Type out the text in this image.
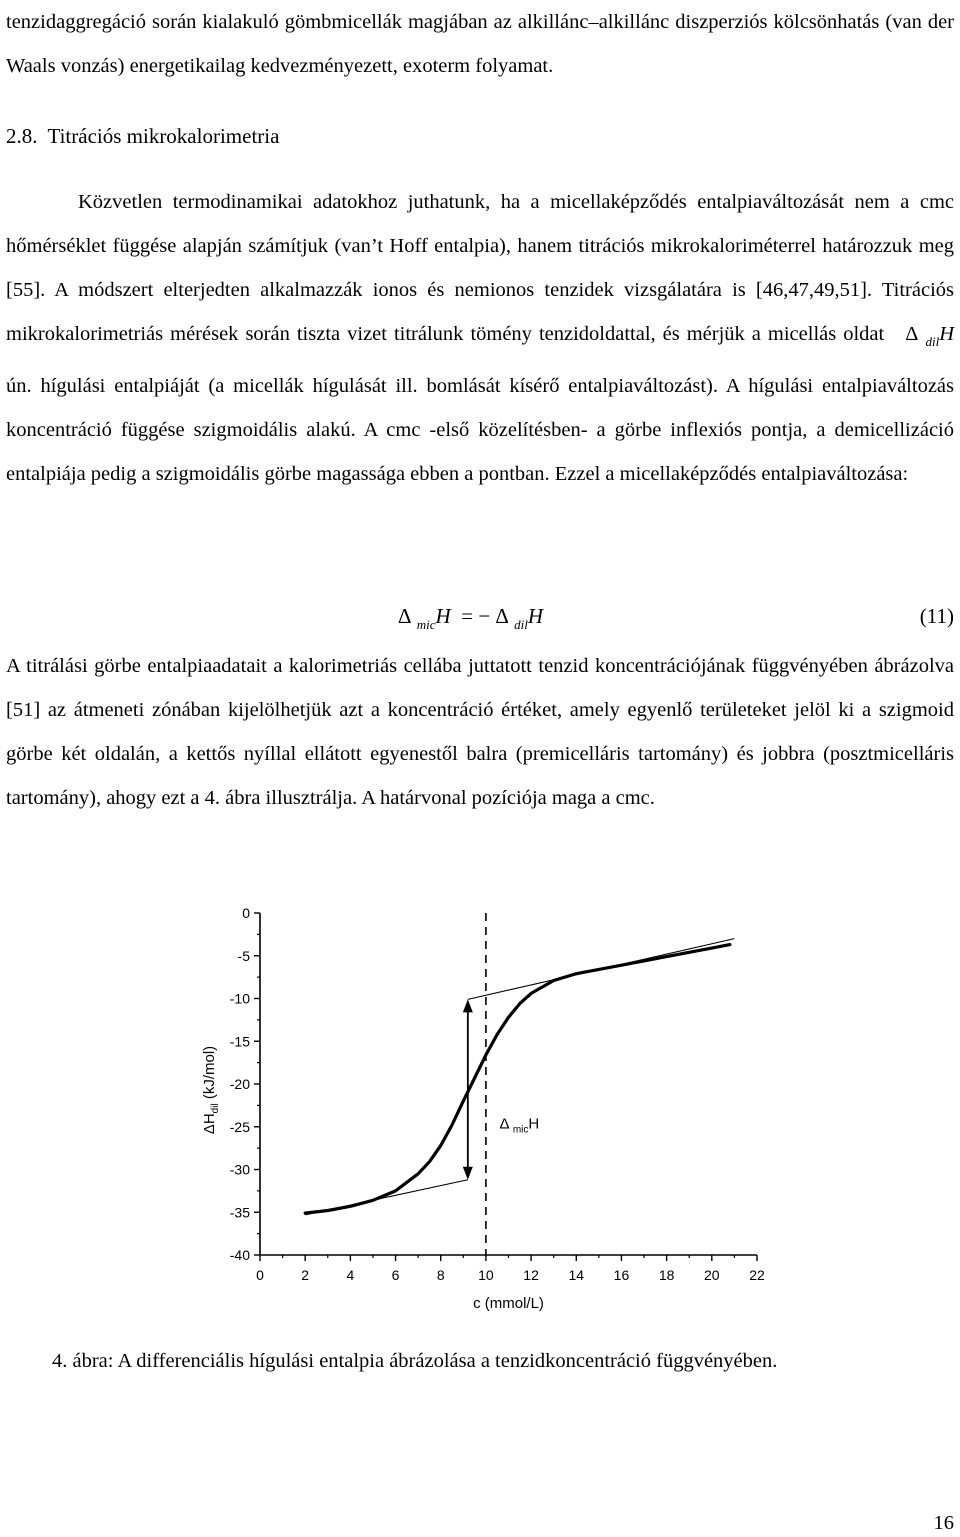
tenzidaggregáció során kialakuló gömbmicellák magjában az alkillánc–alkillánc diszperziós kölcsönhatás (van der Waals vonzás) energetikailag kedvezményezett, exoterm folyamat.

2.8. Titrációs mikrokalorimetria

Közvetlen termodinamikai adatokhoz juthatunk, ha a micellaképződés entalpiaváltozását nem a cmc hőmérséklet függése alapján számítjuk (van’t Hoff entalpia), hanem titrációs mikrokaloriméterrel határozzuk meg [55]. A módszert elterjedten alkalmazzák ionos és nemionos tenzidek vizsgálatára is [46,47,49,51]. Titrációs mikrokalorimetriás mérések során tiszta vizet titrálunk tömény tenzidoldattal, és mérjük a micellás oldat Δ $_{dil}$H ún. hígulási entalpiáját (a micellák hígulását ill. bomlását kísérő entalpiaváltozást). A hígulási entalpiaváltozás koncentráció függése szigmoidális alakú. A cmc -első közelítésben- a görbe inflexiós pontja, a demicellizáció entalpiája pedig a szigmoidális görbe magassága ebben a pontban. Ezzel a micellaképződés entalpiaváltozása:

Δ $_{mic}$H = − Δ $_{dil}$H	(11)

A titrálási görbe entalpiaadatait a kalorimetriás cellába juttatott tenzid koncentrációjának függvényében ábrázolva [51] az átmeneti zónában kijelölhetjük azt a koncentráció értéket, amely egyenlő területeket jelöl ki a szigmoid görbe két oldalán, a kettős nyíllal ellátott egyenestől balra (premicelláris tartomány) és jobbra (posztmicelláris tartomány), ahogy ezt a 4. ábra illusztrálja. A határvonal pozíciója maga a cmc.

0
-5
-10
-15
-20
-25
-30
-35
-40
0	2	4	6	8 10 12 14 16 18 20 22
c (mmol/L)
$\Delta H_{dil}$ (kJ/mol)
Δ $_{mic}$H

4. ábra: A differenciális hígulási entalpia ábrázolása a tenzidkoncentráció függvényében.

16
